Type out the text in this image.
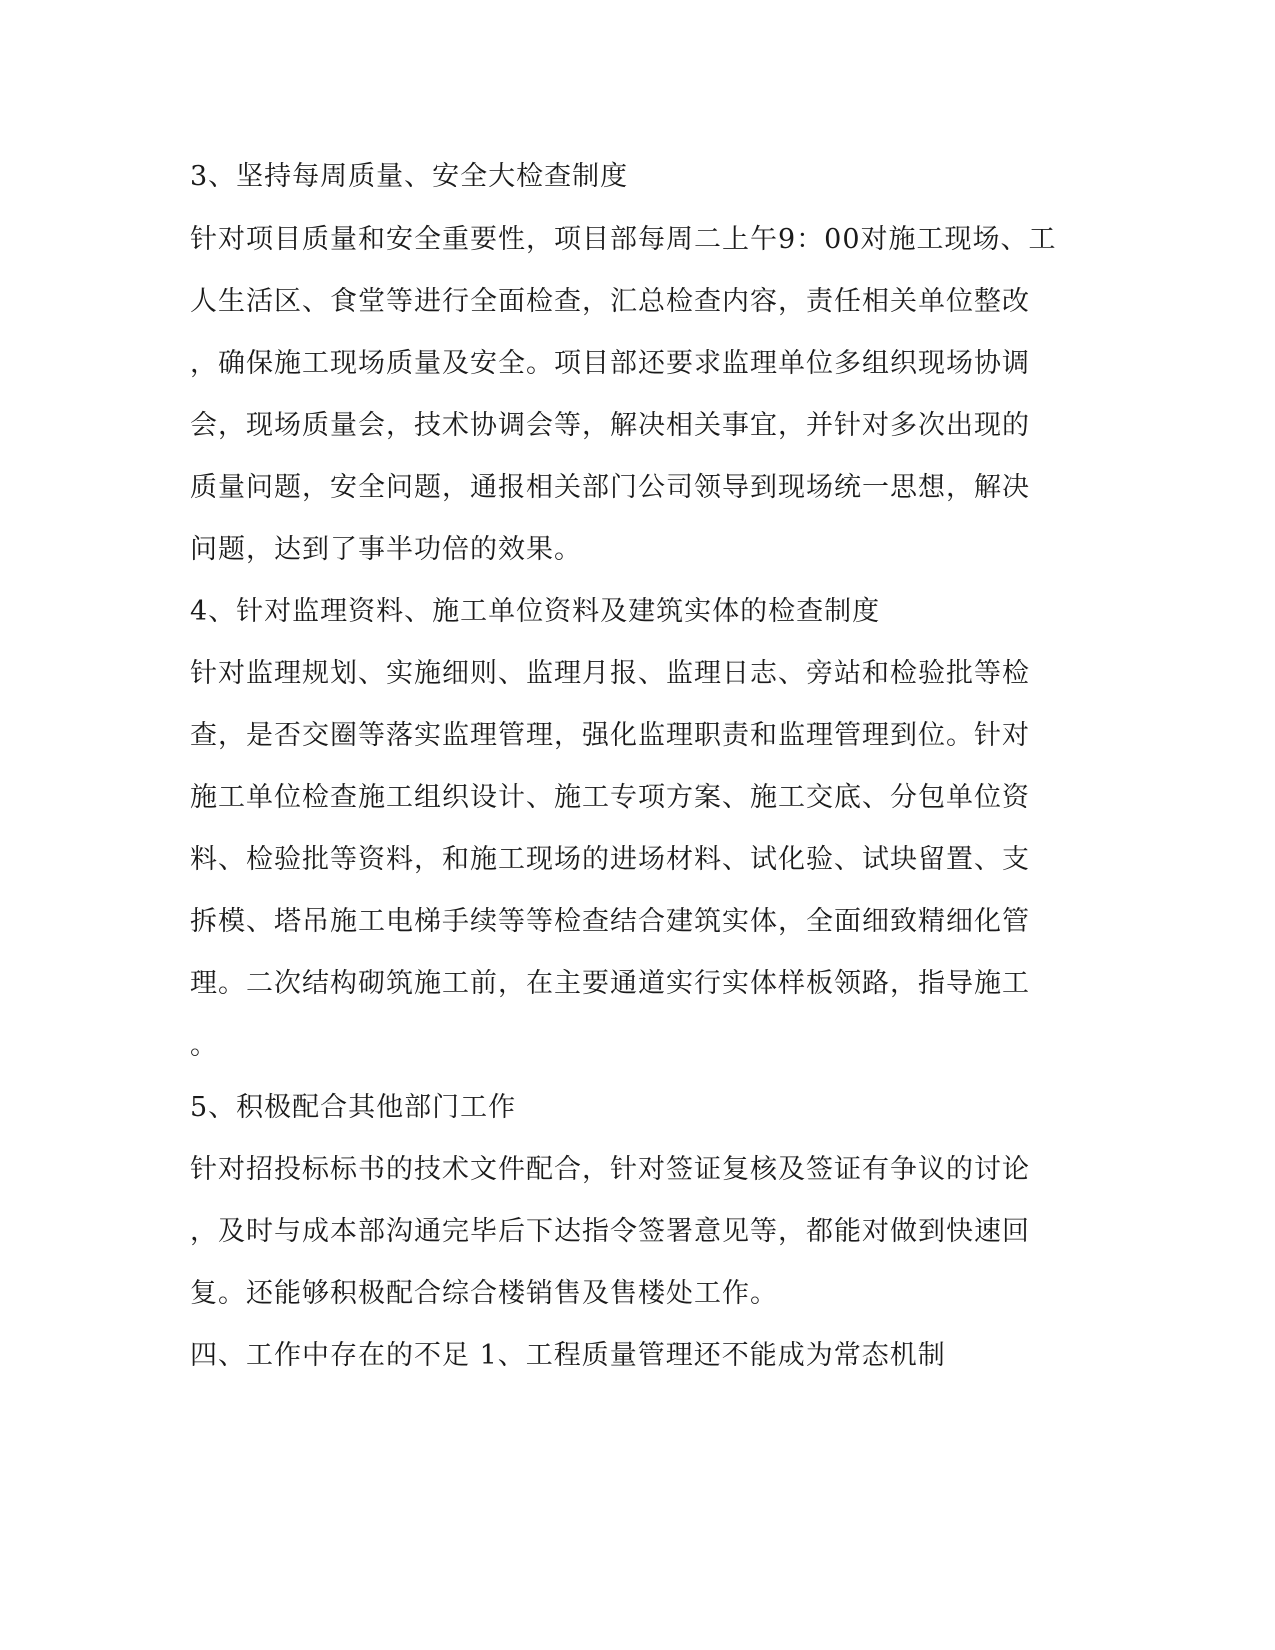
3、坚持每周质量、安全大检查制度
针对项目质量和安全重要性，项目部每周二上午9：00对施工现场、工
人生活区、食堂等进行全面检查，汇总检查内容，责任相关单位整改
，确保施工现场质量及安全。项目部还要求监理单位多组织现场协调
会，现场质量会，技术协调会等，解决相关事宜，并针对多次出现的
质量问题，安全问题，通报相关部门公司领导到现场统一思想，解决
问题，达到了事半功倍的效果。
4、针对监理资料、施工单位资料及建筑实体的检查制度
针对监理规划、实施细则、监理月报、监理日志、旁站和检验批等检
查，是否交圈等落实监理管理，强化监理职责和监理管理到位。针对
施工单位检查施工组织设计、施工专项方案、施工交底、分包单位资
料、检验批等资料，和施工现场的进场材料、试化验、试块留置、支
拆模、塔吊施工电梯手续等等检查结合建筑实体，全面细致精细化管
理。二次结构砌筑施工前，在主要通道实行实体样板领路，指导施工
。
5、积极配合其他部门工作
针对招投标标书的技术文件配合，针对签证复核及签证有争议的讨论
，及时与成本部沟通完毕后下达指令签署意见等，都能对做到快速回
复。还能够积极配合综合楼销售及售楼处工作。
四、工作中存在的不足 1、工程质量管理还不能成为常态机制
